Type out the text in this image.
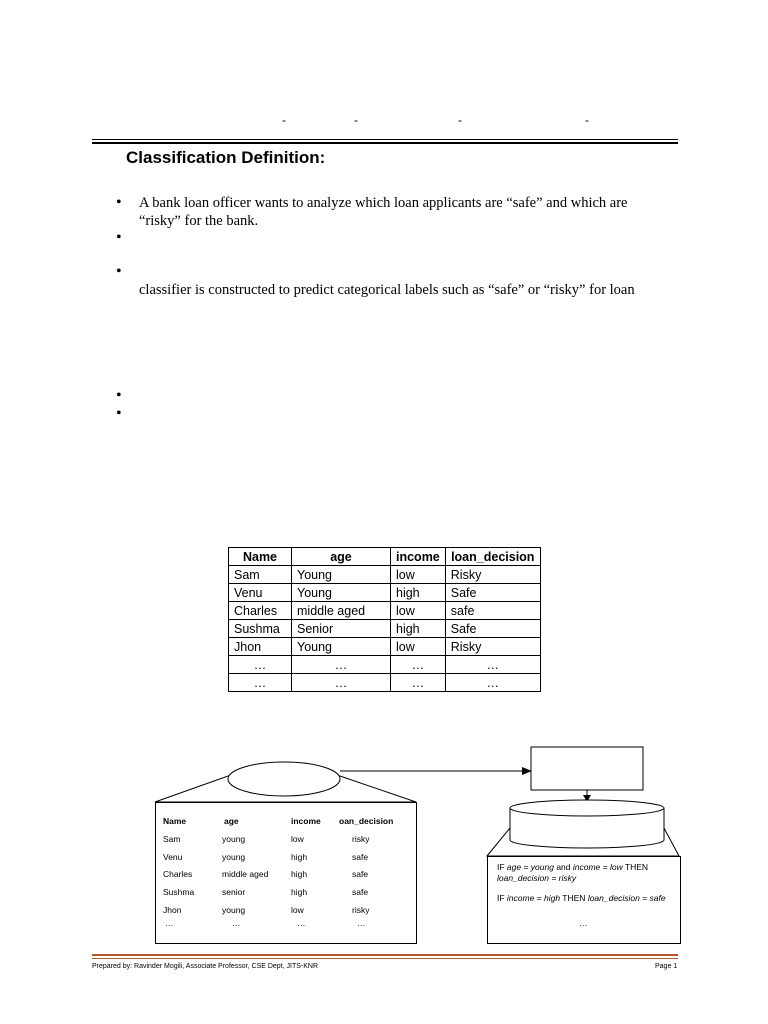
-	-	-	-
Classification Definition:
• A bank loan officer wants to analyze which loan applicants are “safe” and which are
“risky” for the bank.
•
•

classifier is constructed to predict categorical labels such as “safe” or “risky” for loan
•
•
Name	age	income	loan_decision
Sam	Young	low	Risky
Venu	Young	high	Safe
Charles	middle aged	low	safe
Sushma	Senior	high	Safe
Jhon	Young	low	Risky
…	…	…	…
…	…	…	…
Name	age	income oan_decision
Sam	young	low	risky
Venu	young	high	safe
Charles	middle aged	high	safe
Sushma	senior	high	safe
Jhon	young	low	risky
…	…	…	…
IF age = young and income = low THEN loan_decision = risky
IF income = high THEN loan_decision = safe
…
Prepared by: Ravinder Mogili, Associate Professor, CSE Dept, JITS-KNR	Page 1
